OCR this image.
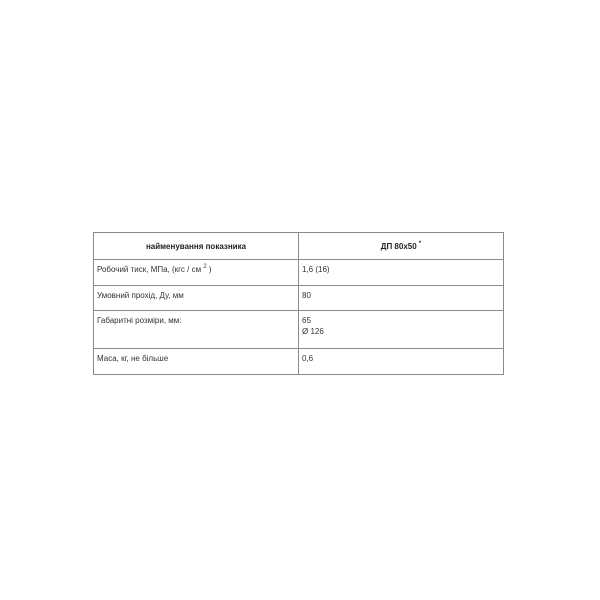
найменування показника	ДП 80х50 *
Робочий тиск, МПа, (кгс / см $^2$ )	1,6 (16)
Умовний прохід, Ду, мм	80
Габаритні розміри, мм:	65
Ø 126

Маса, кг, не більше	0,6
